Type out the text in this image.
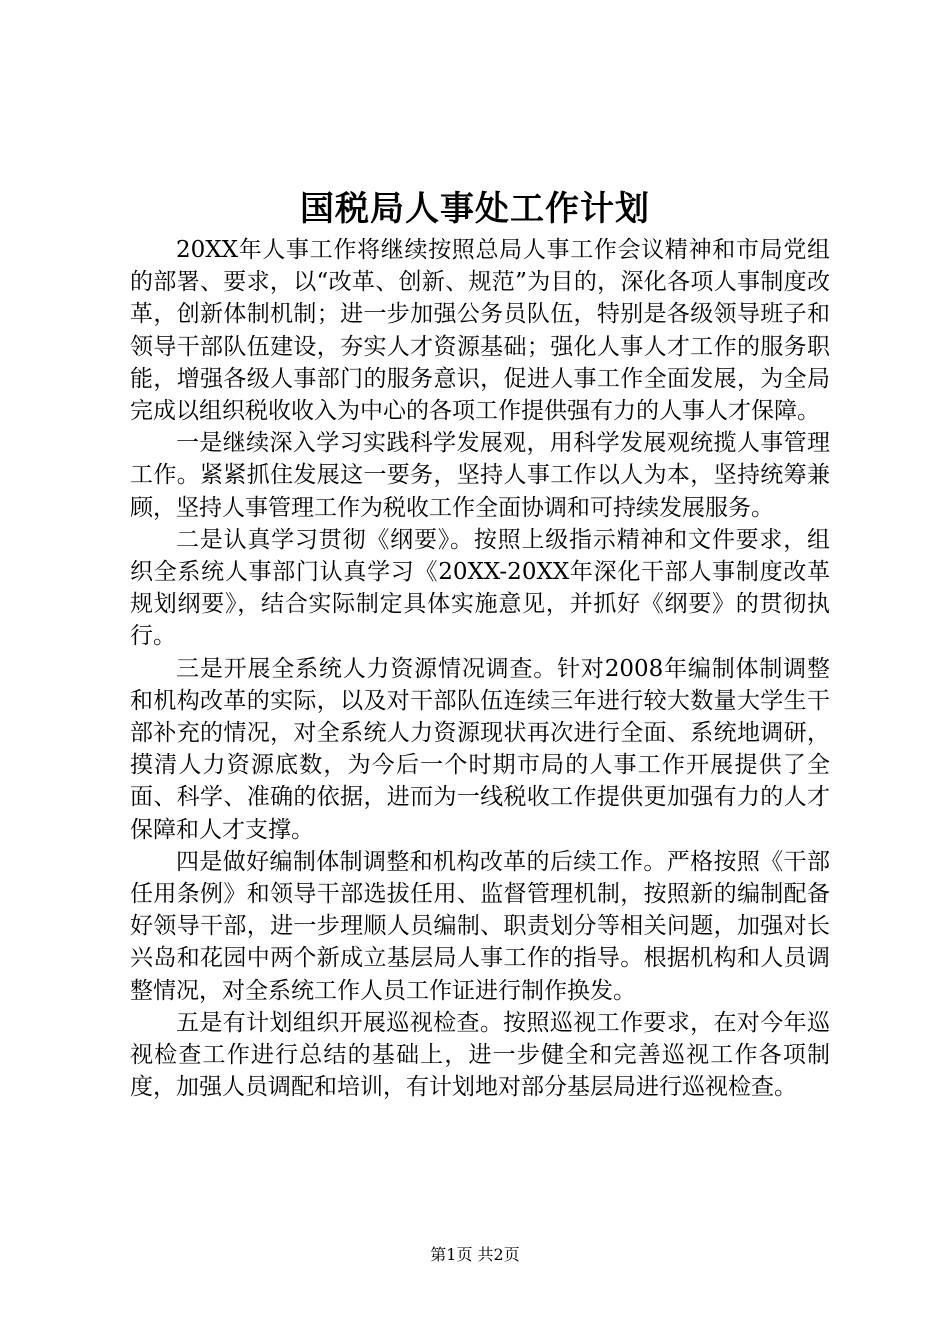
国税局人事处工作计划

20XX年人事工作将继续按照总局人事工作会议精神和市局党组的部署、要求，以“改革、创新、规范”为目的，深化各项人事制度改革，创新体制机制；进一步加强公务员队伍，特别是各级领导班子和领导干部队伍建设，夯实人才资源基础；强化人事人才工作的服务职能，增强各级人事部门的服务意识，促进人事工作全面发展，为全局完成以组织税收收入为中心的各项工作提供强有力的人事人才保障。

一是继续深入学习实践科学发展观，用科学发展观统揽人事管理工作。紧紧抓住发展这一要务，坚持人事工作以人为本，坚持统筹兼顾，坚持人事管理工作为税收工作全面协调和可持续发展服务。

二是认真学习贯彻《纲要》。按照上级指示精神和文件要求，组织全系统人事部门认真学习《20XX-20XX年深化干部人事制度改革规划纲要》，结合实际制定具体实施意见，并抓好《纲要》的贯彻执行。

三是开展全系统人力资源情况调查。针对2008年编制体制调整和机构改革的实际，以及对干部队伍连续三年进行较大数量大学生干部补充的情况，对全系统人力资源现状再次进行全面、系统地调研，摸清人力资源底数，为今后一个时期市局的人事工作开展提供了全面、科学、准确的依据，进而为一线税收工作提供更加强有力的人才保障和人才支撑。

四是做好编制体制调整和机构改革的后续工作。严格按照《干部任用条例》和领导干部选拔任用、监督管理机制，按照新的编制配备好领导干部，进一步理顺人员编制、职责划分等相关问题，加强对长兴岛和花园中两个新成立基层局人事工作的指导。根据机构和人员调整情况，对全系统工作人员工作证进行制作换发。

五是有计划组织开展巡视检查。按照巡视工作要求，在对今年巡视检查工作进行总结的基础上，进一步健全和完善巡视工作各项制度，加强人员调配和培训，有计划地对部分基层局进行巡视检查。

第1页 共2页
